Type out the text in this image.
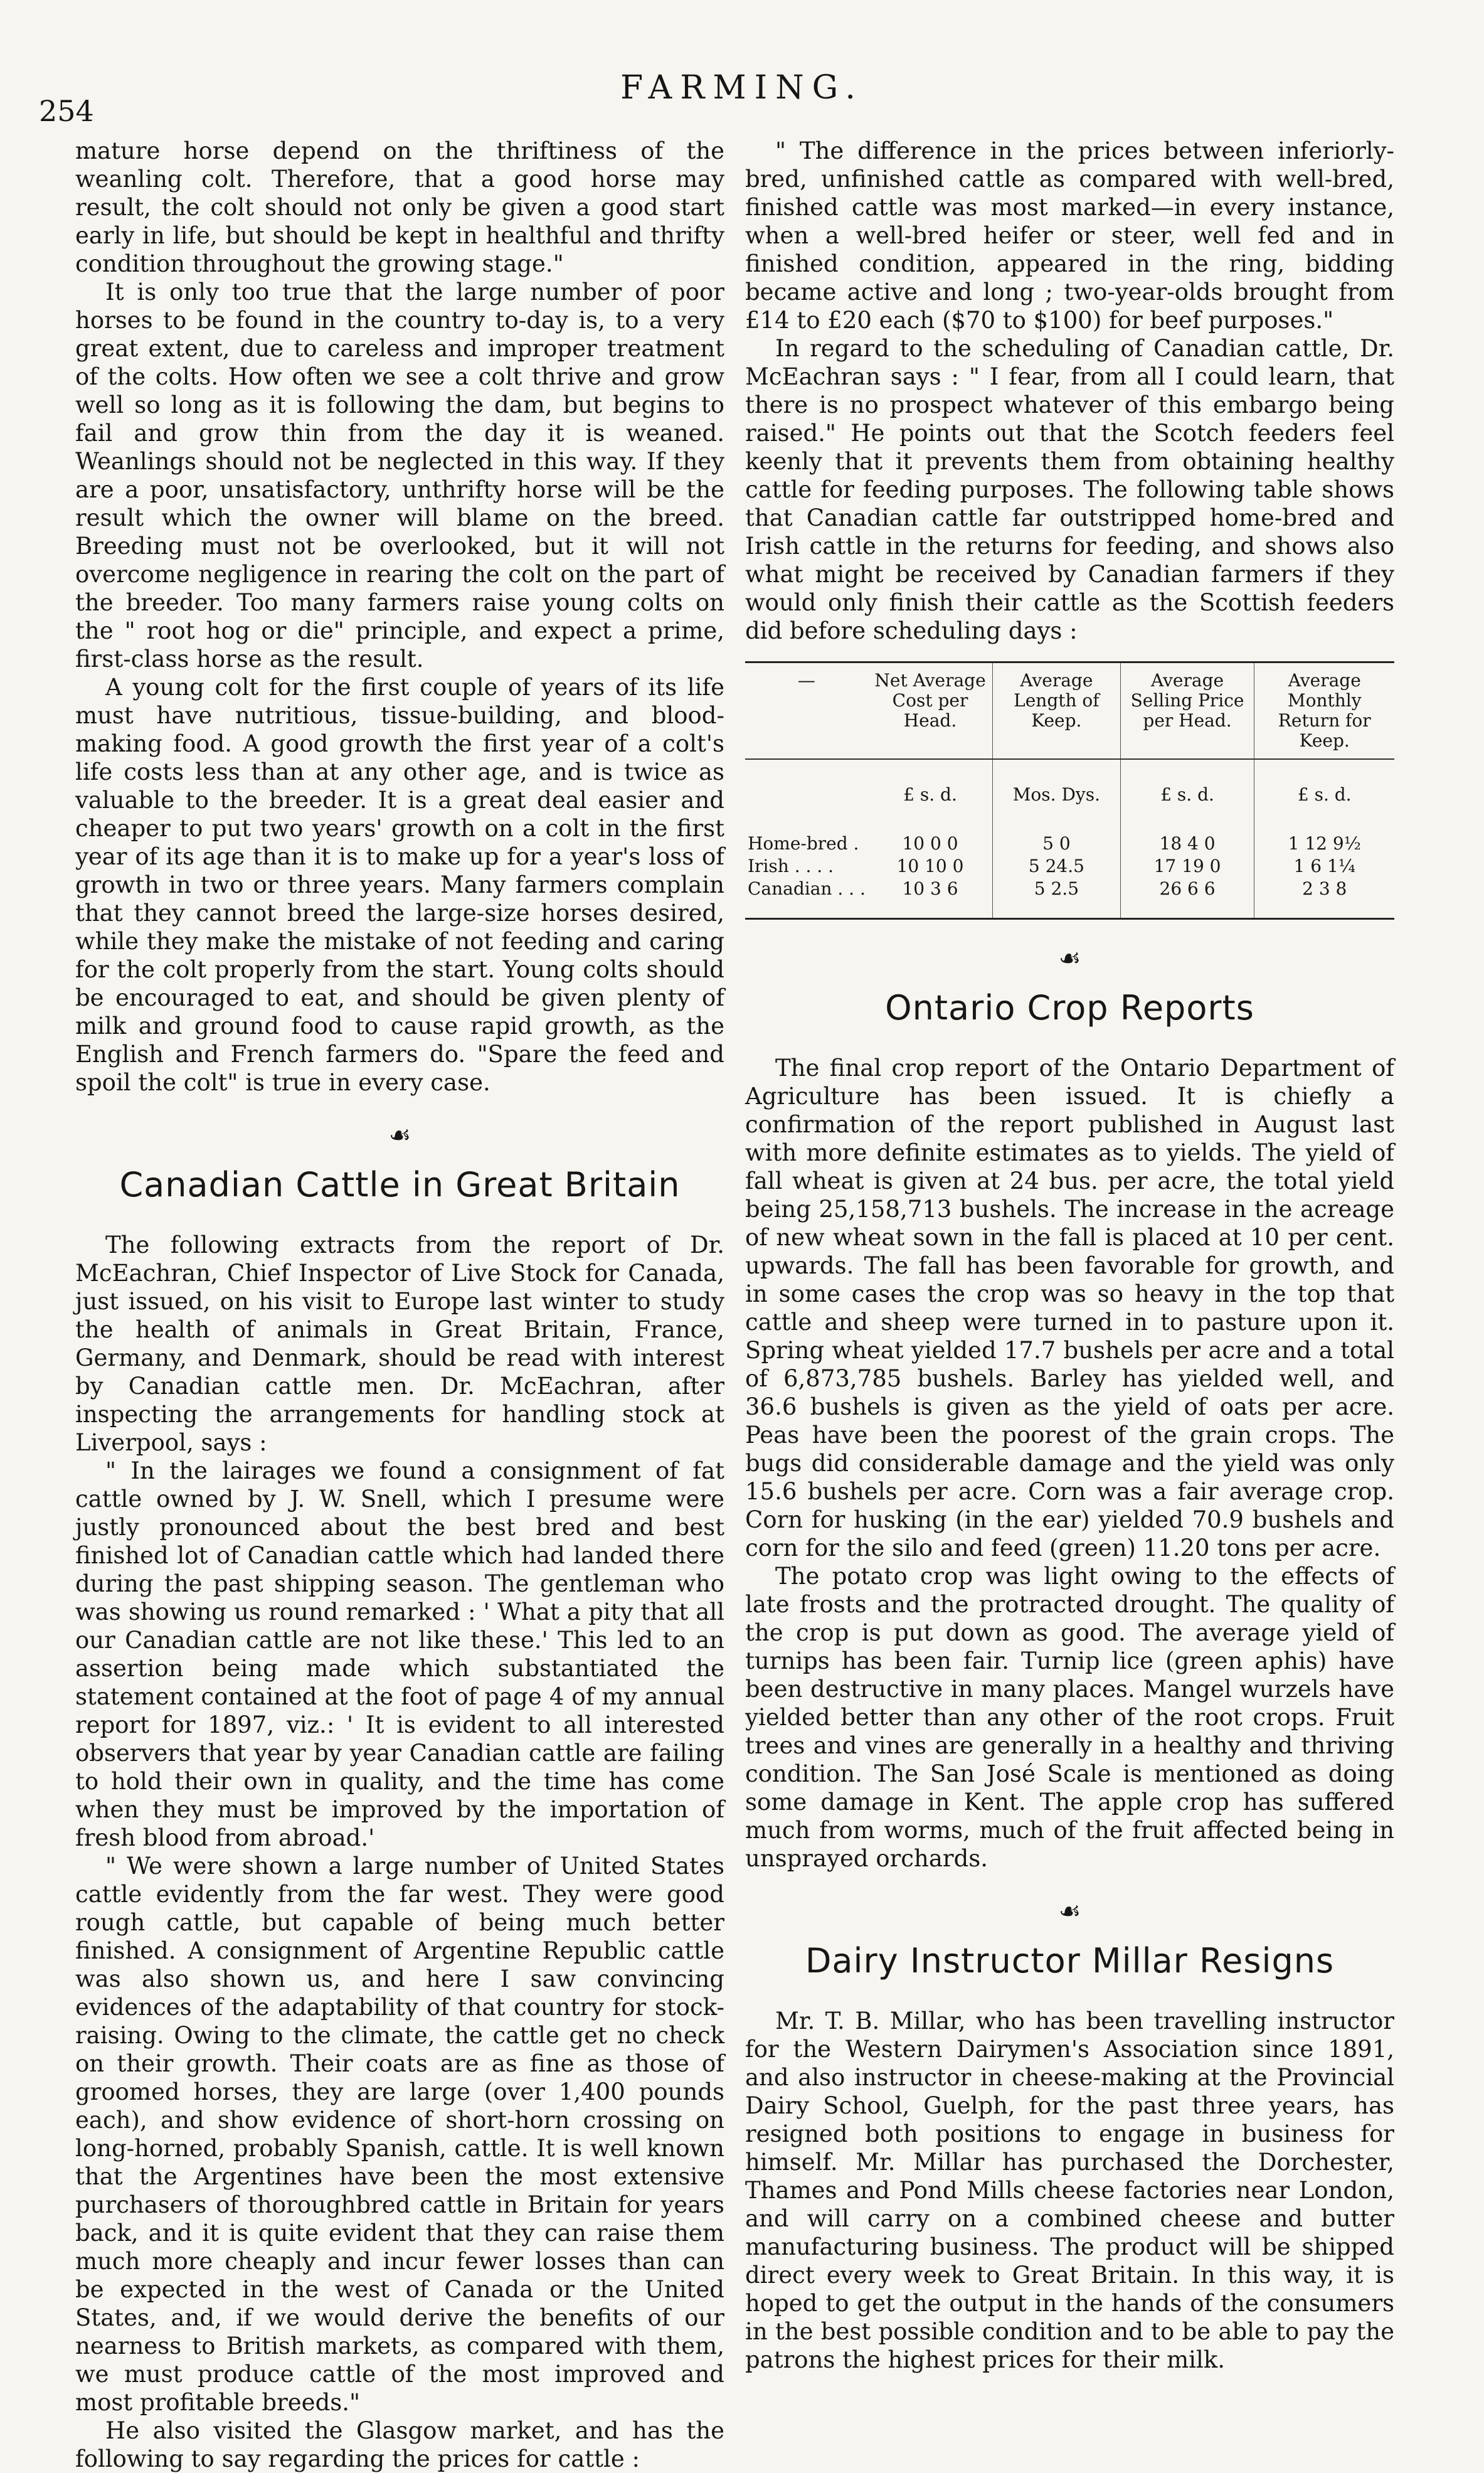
254
FARMING.

mature horse depend on the thriftiness of the weanling colt. Therefore, that a good horse may result, the colt should not only be given a good start early in life, but should be kept in healthful and thrifty condition throughout the growing stage."

It is only too true that the large number of poor horses to be found in the country to-day is, to a very great extent, due to careless and improper treatment of the colts. How often we see a colt thrive and grow well so long as it is following the dam, but begins to fail and grow thin from the day it is weaned. Weanlings should not be neglected in this way. If they are a poor, unsatisfactory, unthrifty horse will be the result which the owner will blame on the breed. Breeding must not be overlooked, but it will not overcome negligence in rearing the colt on the part of the breeder. Too many farmers raise young colts on the " root hog or die" principle, and expect a prime, first-class horse as the result.

A young colt for the first couple of years of its life must have nutritious, tissue-building, and blood-making food. A good growth the first year of a colt's life costs less than at any other age, and is twice as valuable to the breeder. It is a great deal easier and cheaper to put two years' growth on a colt in the first year of its age than it is to make up for a year's loss of growth in two or three years. Many farmers complain that they cannot breed the large-size horses desired, while they make the mistake of not feeding and caring for the colt properly from the start. Young colts should be encouraged to eat, and should be given plenty of milk and ground food to cause rapid growth, as the English and French farmers do. "Spare the feed and spoil the colt" is true in every case.

☙
Canadian Cattle in Great Britain

The following extracts from the report of Dr. McEachran, Chief Inspector of Live Stock for Canada, just issued, on his visit to Europe last winter to study the health of animals in Great Britain, France, Germany, and Denmark, should be read with interest by Canadian cattle men. Dr. McEachran, after inspecting the arrangements for handling stock at Liverpool, says :

" In the lairages we found a consignment of fat cattle owned by J. W. Snell, which I presume were justly pronounced about the best bred and best finished lot of Canadian cattle which had landed there during the past shipping season. The gentleman who was showing us round remarked : ' What a pity that all our Canadian cattle are not like these.' This led to an assertion being made which substantiated the statement contained at the foot of page 4 of my annual report for 1897, viz.: ' It is evident to all interested observers that year by year Canadian cattle are failing to hold their own in quality, and the time has come when they must be improved by the importation of fresh blood from abroad.'

" We were shown a large number of United States cattle evidently from the far west. They were good rough cattle, but capable of being much better finished. A consignment of Argentine Republic cattle was also shown us, and here I saw convincing evidences of the adaptability of that country for stock-raising. Owing to the climate, the cattle get no check on their growth. Their coats are as fine as those of groomed horses, they are large (over 1,400 pounds each), and show evidence of short-horn crossing on long-horned, probably Spanish, cattle. It is well known that the Argentines have been the most extensive purchasers of thoroughbred cattle in Britain for years back, and it is quite evident that they can raise them much more cheaply and incur fewer losses than can be expected in the west of Canada or the United States, and, if we would derive the benefits of our nearness to British markets, as compared with them, we must produce cattle of the most improved and most profitable breeds."

He also visited the Glasgow market, and has the following to say regarding the prices for cattle :

" The difference in the prices between inferiorly-bred, unfinished cattle as compared with well-bred, finished cattle was most marked—in every instance, when a well-bred heifer or steer, well fed and in finished condition, appeared in the ring, bidding became active and long ; two-year-olds brought from £14 to £20 each ($70 to $100) for beef purposes."

In regard to the scheduling of Canadian cattle, Dr. McEachran says : " I fear, from all I could learn, that there is no prospect whatever of this embargo being raised." He points out that the Scotch feeders feel keenly that it prevents them from obtaining healthy cattle for feeding purposes. The following table shows that Canadian cattle far outstripped home-bred and Irish cattle in the returns for feeding, and shows also what might be received by Canadian farmers if they would only finish their cattle as the Scottish feeders did before scheduling days :

—	Net Average Cost per Head.	Average Length of Keep.	Average Selling Price per Head.	Average Monthly Return for Keep.
	£ s. d.	Mos. Dys.	£ s. d.	£ s. d.
Home-bred .	10 0 0	5 0	18 4 0	1 12 9½
Irish . . . .	10 10 0	5 24.5	17 19 0	1 6 1¼
Canadian . . .	10 3 6	5 2.5	26 6 6	2 3 8
☙
Ontario Crop Reports

The final crop report of the Ontario Department of Agriculture has been issued. It is chiefly a confirmation of the report published in August last with more definite estimates as to yields. The yield of fall wheat is given at 24 bus. per acre, the total yield being 25,158,713 bushels. The increase in the acreage of new wheat sown in the fall is placed at 10 per cent. upwards. The fall has been favorable for growth, and in some cases the crop was so heavy in the top that cattle and sheep were turned in to pasture upon it. Spring wheat yielded 17.7 bushels per acre and a total of 6,873,785 bushels. Barley has yielded well, and 36.6 bushels is given as the yield of oats per acre. Peas have been the poorest of the grain crops. The bugs did considerable damage and the yield was only 15.6 bushels per acre. Corn was a fair average crop. Corn for husking (in the ear) yielded 70.9 bushels and corn for the silo and feed (green) 11.20 tons per acre.

The potato crop was light owing to the effects of late frosts and the protracted drought. The quality of the crop is put down as good. The average yield of turnips has been fair. Turnip lice (green aphis) have been destructive in many places. Mangel wurzels have yielded better than any other of the root crops. Fruit trees and vines are generally in a healthy and thriving condition. The San José Scale is mentioned as doing some damage in Kent. The apple crop has suffered much from worms, much of the fruit affected being in unsprayed orchards.

☙
Dairy Instructor Millar Resigns

Mr. T. B. Millar, who has been travelling instructor for the Western Dairymen's Association since 1891, and also instructor in cheese-making at the Provincial Dairy School, Guelph, for the past three years, has resigned both positions to engage in business for himself. Mr. Millar has purchased the Dorchester, Thames and Pond Mills cheese factories near London, and will carry on a combined cheese and butter manufacturing business. The product will be shipped direct every week to Great Britain. In this way, it is hoped to get the output in the hands of the consumers in the best possible condition and to be able to pay the patrons the highest prices for their milk.
